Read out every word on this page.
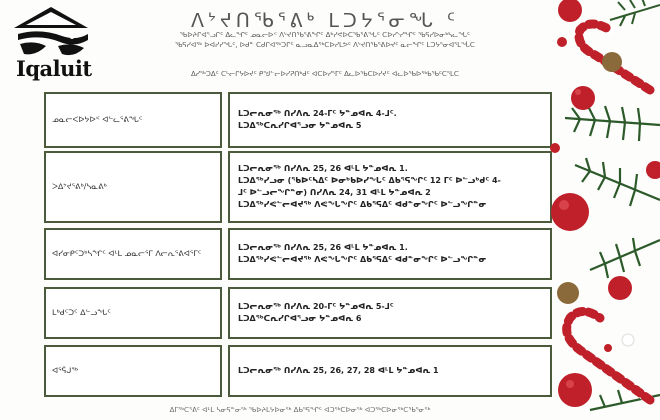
Iqaluit
ᐱᔾᔪᑎᖃᕐᕕᒃ ᒪᑐᔭᕐᓂᖓ ᑦ
ᖃᐅᔨᒋᐊᕐᓗᒋᑦ ᐃᓚᖏᑦ ᓄᓇᓕᐅᑉ ᐱᔾᔪᑎᖃᕐᕕᖏᑦ ᐃᒃᓯᕙᐅᑕᖃᕐᕕᖓᑦ ᑕᐅᓯᔅᓯᖏᑦ ᖃᕋᓯᐅᓂᒃᓴᓚᖓᑦ
ᖃᕋᓯᐊᖅ ᐅᐊᓯᓯᖓᑦ, ᐅᑯᓐ ᑕᑯᒋᐊᖅᑐᒋᑦ ᓇᓗᓇᐃᖅᑕᐅᓯᒪᕗᑦ ᐱᔾᔪᑎᖃᕐᕕᐅᔪᑦ ᓇᓕᖏᑦ ᒪᑐᔭᕐᓂᐊᕐᒪᖔᑕ
ᐃᓯᖅᑐᐃᑦ ᑕᒡᓕᒋᔭᐅᔪᑦ ᑭᖑᓪᓕᐅᓯᕈᑎᒃᑯᑦ ᐊᑕᐅᓯᕐᒥᑦ ᐃᓚᐅᖃᑕᐅᓯᔪᑦ ᐊᓚᐅᖃᐅᖅᑲᖃᑦᑕᕐᒪᑕ
ᓄᓇᓕᐸᐅᔭᐅᑉ ᐊᓪᓚᕐᕕᖓᑦ
ᒪᑐᓕᕆᓂᖅ ᑎᓯᐱᕆ 24-ᒥᑦ ᔭᓐᓄᐊᕆ 4-ᒧᑦ.
ᒪᑐᐃᖅᑕᕆᓯᒋᐊᕐᓗᓂ ᔭᓐᓄᐊᕆ 5
ᐳᐃᔾᔪᕐᕕᒃ/ᓴᓇᕕᒃ
ᒪᑐᓕᕆᓂᖅ ᑎᓯᐱᕆ 25, 26 ᐊᒻᒪ ᔭᓐᓄᐊᕆ 1.
ᒪᑐᐃᖅᓯᓗᓂ (ᖃᐅᑦᓴᐃᑦ ᐅᓂᒃᑲᐅᓯᖓᑦ ᐃᑲᕐᕋᖏᑦ 12 ᒥᑦ ᐅᓪᓗᒃᑯᑦ 4-
ᒧᑦ ᐅᓪᓗᓕᖏᓐᓂ) ᑎᓯᐱᕆ 24, 31 ᐊᒻᒪ ᔭᓐᓄᐊᕆ 2
ᒪᑐᐃᖅᓯᕙᓪᓕᐊᔪᖅ ᐱᕙᖓᖏᑦ ᐃᑲᕐᕋᐃᑦ ᐊᑯᓐᓂᖏᑦ ᐅᓪᓗᖏᓐᓂ
ᐊᓯᓂᑭᑦᑐᒃᓴᖏᑦ ᐊᒻᒪ ᓄᓇᓕᕐᒥ ᐱᓕᕆᕐᕕᐊᕐᒥᑦ
ᒪᑐᓕᕆᓂᖅ ᑎᓯᐱᕆ 25, 26 ᐊᒻᒪ ᔭᓐᓄᐊᕆ 1.
ᒪᑐᐃᖅᓯᕙᓪᓕᐊᔪᖅ ᐱᕙᖓᖏᑦ ᐃᑲᕐᕋᐃᑦ ᐊᑯᓐᓂᖏᑦ ᐅᓪᓗᖏᓐᓂ
ᒪᒃᑯᑦᑐᑦ ᐃᓪᓗᖓᑦ
ᒪᑐᓕᕆᓂᖅ ᑎᓯᐱᕆ 20-ᒥᑦ ᔭᓐᓄᐊᕆ 5-ᒧᑦ
ᒪᑐᐃᖅᑕᕆᓯᒋᐊᕐᓗᓂ ᔭᓐᓄᐊᕆ 6
ᐊᕐᕌᒍᖅ	ᒪᑐᓕᕆᓂᖅ ᑎᓯᐱᕆ 25, 26, 27, 28 ᐊᒻᒪ ᔭᓐᓄᐊᕆ 1
ᐃᒥᖅᑕᕐᕕᑦ ᐊᒻᒪ ᓴᓂᕋᓐᓂᖅ ᖃᐅᔨᒪᔭᐅᓂᖅ ᐃᑲᕐᕋᖏᑦ ᐊᑐᖅᑕᐅᓂᖅ ᐊᑐᖅᑕᐅᓂᖅᑕᖃᕐᓂᖅ
